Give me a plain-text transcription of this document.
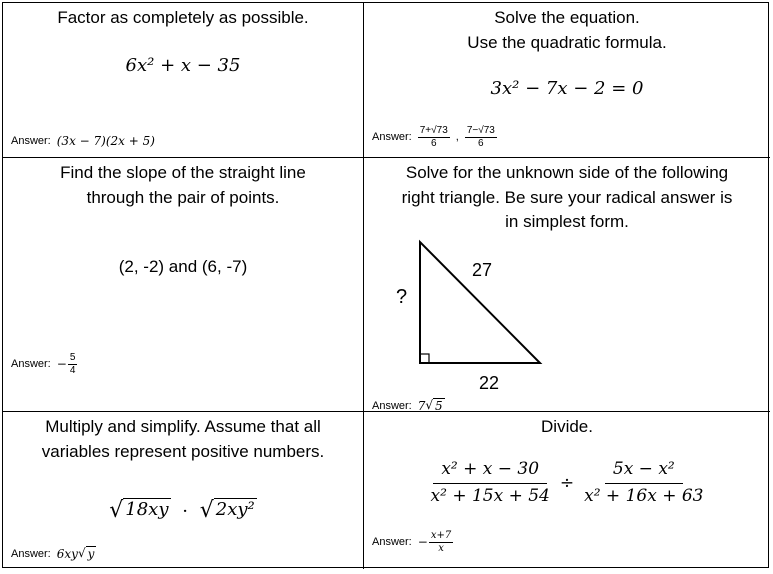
Factor as completely as possible.
6x² + x − 35
Answer: (3x − 7)(2x + 5)
Solve the equation.
Use the quadratic formula.
3x² − 7x − 2 = 0
Answer: $\frac{7+√73}{6}$ , $\frac{7-√73}{6}$
Find the slope of the straight line
through the pair of points.
(2, -2) and (6, -7)
Answer: − $\frac{5}{4}$
Solve for the unknown side of the following
right triangle. Be sure your radical answer is
in simplest form.
27
?
22
Answer: 7 √ 5
Multiply and simplify. Assume that all
variables represent positive numbers.
√ 18xy · √ 2xy²
Answer: 6xy √ y
Divide.
$\frac{\text{x² + x − 30}}{\text{x² + 15x + 54}} \div \frac{\text{5x − x²}}{\text{x² + 16x + 63}}$
Answer: − $\frac{x+7}{x}$
